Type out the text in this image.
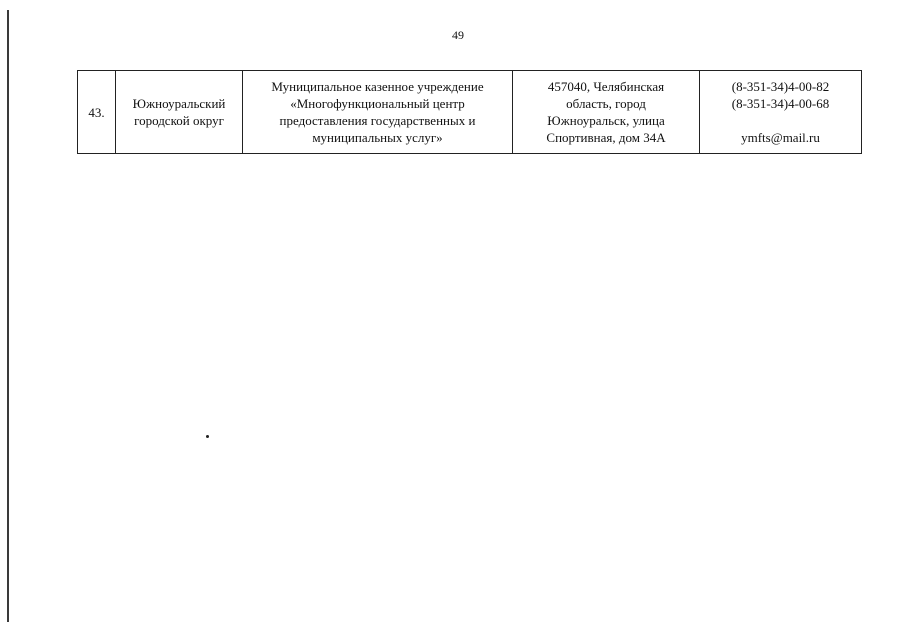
49
43.	
Южноуральский
городской округ

Муниципальное казенное учреждение
«Многофункциональный центр
предоставления государственных и
муниципальных услуг»

457040, Челябинская
область, город
Южноуральск, улица
Спортивная, дом 34А

(8-351-34)4-00-82
(8-351-34)4-00-68
ymfts@mail.ru
